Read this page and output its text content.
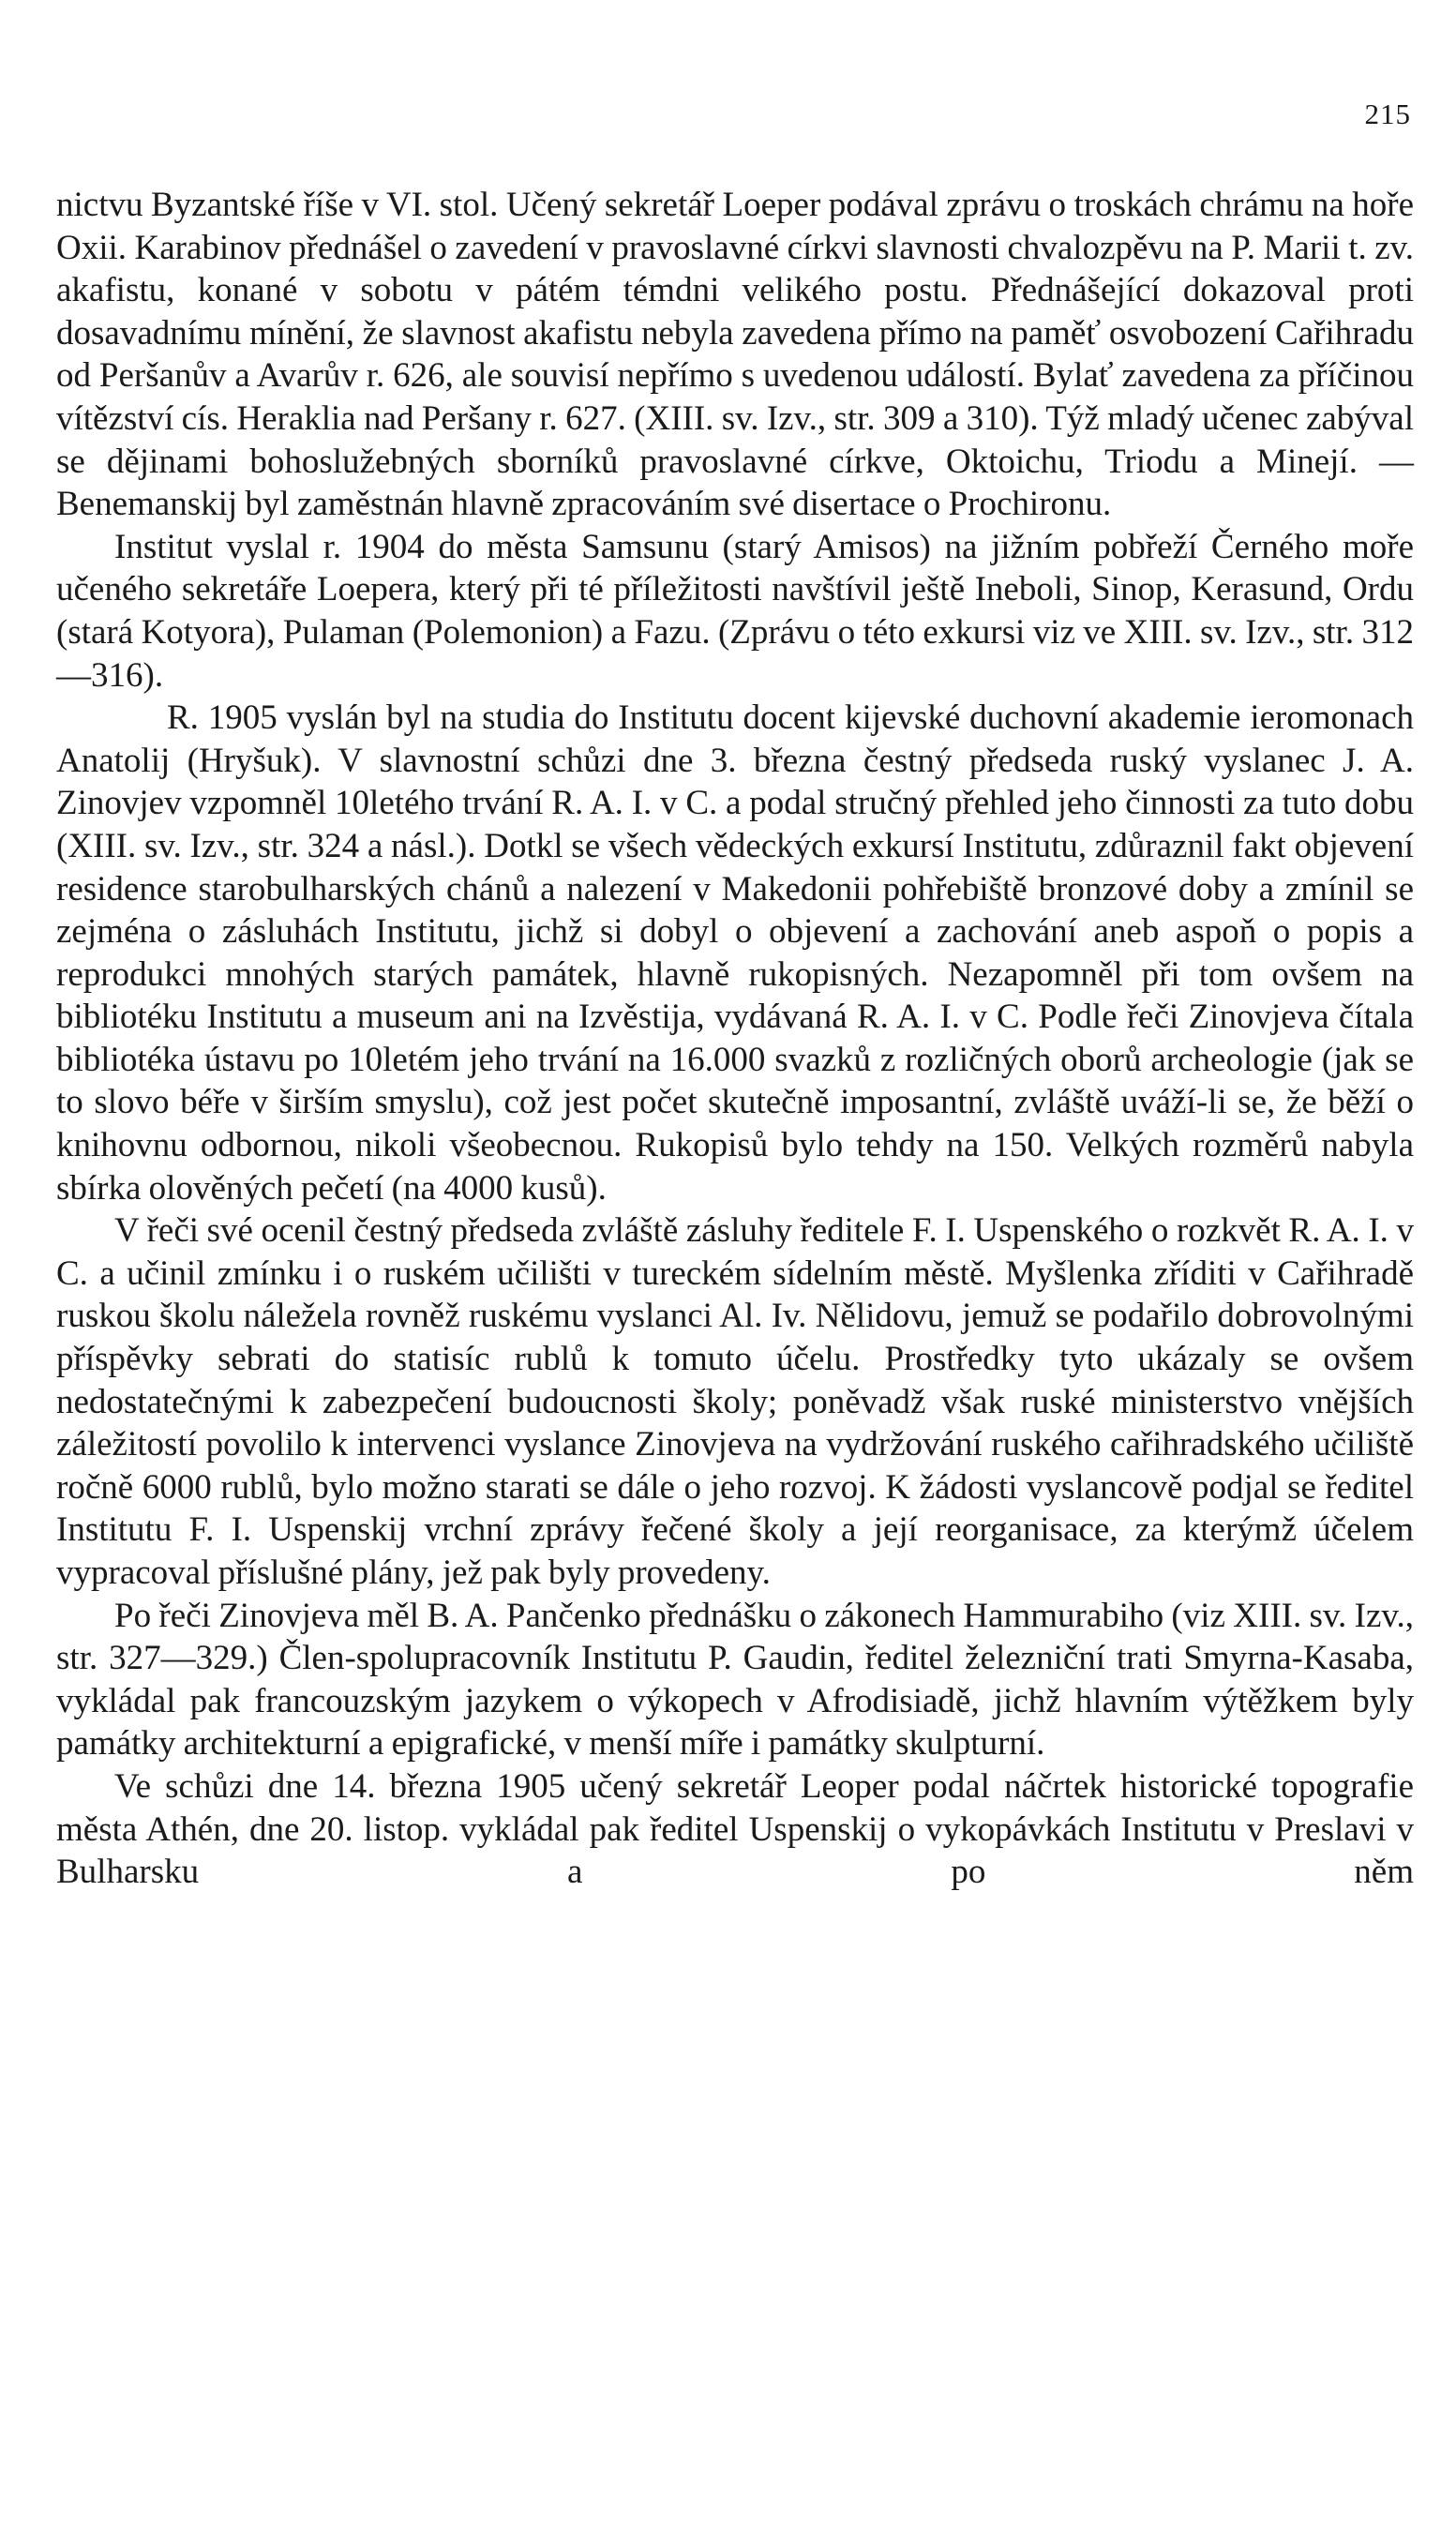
215

nictvu Byzantské říše v VI. stol. Učený sekretář Loeper podával zprávu o troskách chrámu na hoře Oxii. Karabinov přednášel o zavedení v pravoslavné církvi slavnosti chvalozpěvu na P. Marii t. zv. akafistu, konané v sobotu v pátém témdni velikého postu. Přednášející dokazoval proti dosavadnímu mínění, že slavnost akafistu nebyla zavedena přímo na paměť osvobození Cařihradu od Peršanův a Avarův r. 626, ale souvisí nepřímo s uvedenou událostí. Bylať zavedena za příčinou vítězství cís. Heraklia nad Peršany r. 627. (XIII. sv. Izv., str. 309 a 310). Týž mladý učenec zabýval se dějinami bohoslužebných sborníků pravoslavné církve, Oktoichu, Triodu a Minejí. — Benemanskij byl zaměstnán hlavně zpracováním své disertace o Prochironu.

Institut vyslal r. 1904 do města Samsunu (starý Amisos) na jižním pobřeží Černého moře učeného sekretáře Loepera, který při té příležitosti navštívil ještě Ineboli, Sinop, Kerasund, Ordu (stará Kotyora), Pulaman (Polemonion) a Fazu. (Zprávu o této exkursi viz ve XIII. sv. Izv., str. 312—316).

R. 1905 vyslán byl na studia do Institutu docent kijevské duchovní akademie ieromonach Anatolij (Hryšuk). V slavnostní schůzi dne 3. března čestný předseda ruský vyslanec J. A. Zinovjev vzpomněl 10letého trvání R. A. I. v C. a podal stručný přehled jeho činnosti za tuto dobu (XIII. sv. Izv., str. 324 a násl.). Dotkl se všech vědeckých exkursí Institutu, zdůraznil fakt objevení residence starobulharských chánů a nalezení v Makedonii pohřebiště bronzové doby a zmínil se zejména o zásluhách Institutu, jichž si dobyl o objevení a zachování aneb aspoň o popis a reprodukci mnohých starých památek, hlavně rukopisných. Nezapomněl při tom ovšem na bibliotéku Institutu a museum ani na Izvěstija, vydávaná R. A. I. v C. Podle řeči Zinovjeva čítala bibliotéka ústavu po 10letém jeho trvání na 16.000 svazků z rozličných oborů archeologie (jak se to slovo béře v širším smyslu), což jest počet skutečně imposantní, zvláště uváží-li se, že běží o knihovnu odbornou, nikoli všeobecnou. Rukopisů bylo tehdy na 150. Velkých rozměrů nabyla sbírka olověných pečetí (na 4000 kusů).

V řeči své ocenil čestný předseda zvláště zásluhy ředitele F. I. Uspenského o rozkvět R. A. I. v C. a učinil zmínku i o ruském učilišti v tureckém sídelním městě. Myšlenka zříditi v Cařihradě ruskou školu náležela rovněž ruskému vyslanci Al. Iv. Nělidovu, jemuž se podařilo dobrovolnými příspěvky sebrati do statisíc rublů k tomuto účelu. Prostředky tyto ukázaly se ovšem nedostatečnými k zabezpečení budoucnosti školy; poněvadž však ruské ministerstvo vnějších záležitostí povolilo k intervenci vyslance Zinovjeva na vydržování ruského cařihradského učiliště ročně 6000 rublů, bylo možno starati se dále o jeho rozvoj. K žádosti vyslancově podjal se ředitel Institutu F. I. Uspenskij vrchní zprávy řečené školy a její reorganisace, za kterýmž účelem vypracoval příslušné plány, jež pak byly provedeny.

Po řeči Zinovjeva měl B. A. Pančenko přednášku o zákonech Hammurabiho (viz XIII. sv. Izv., str. 327—329.) Člen-spolupracovník Institutu P. Gaudin, ředitel železniční trati Smyrna-Kasaba, vykládal pak francouzským jazykem o výkopech v Afrodisiadě, jichž hlavním výtěžkem byly památky architekturní a epigrafické, v menší míře i památky skulpturní.

Ve schůzi dne 14. března 1905 učený sekretář Leoper podal náčrtek historické topografie města Athén, dne 20. listop. vykládal pak ředitel Uspenskij o vykopávkách Institutu v Preslavi v Bulharsku a po něm
